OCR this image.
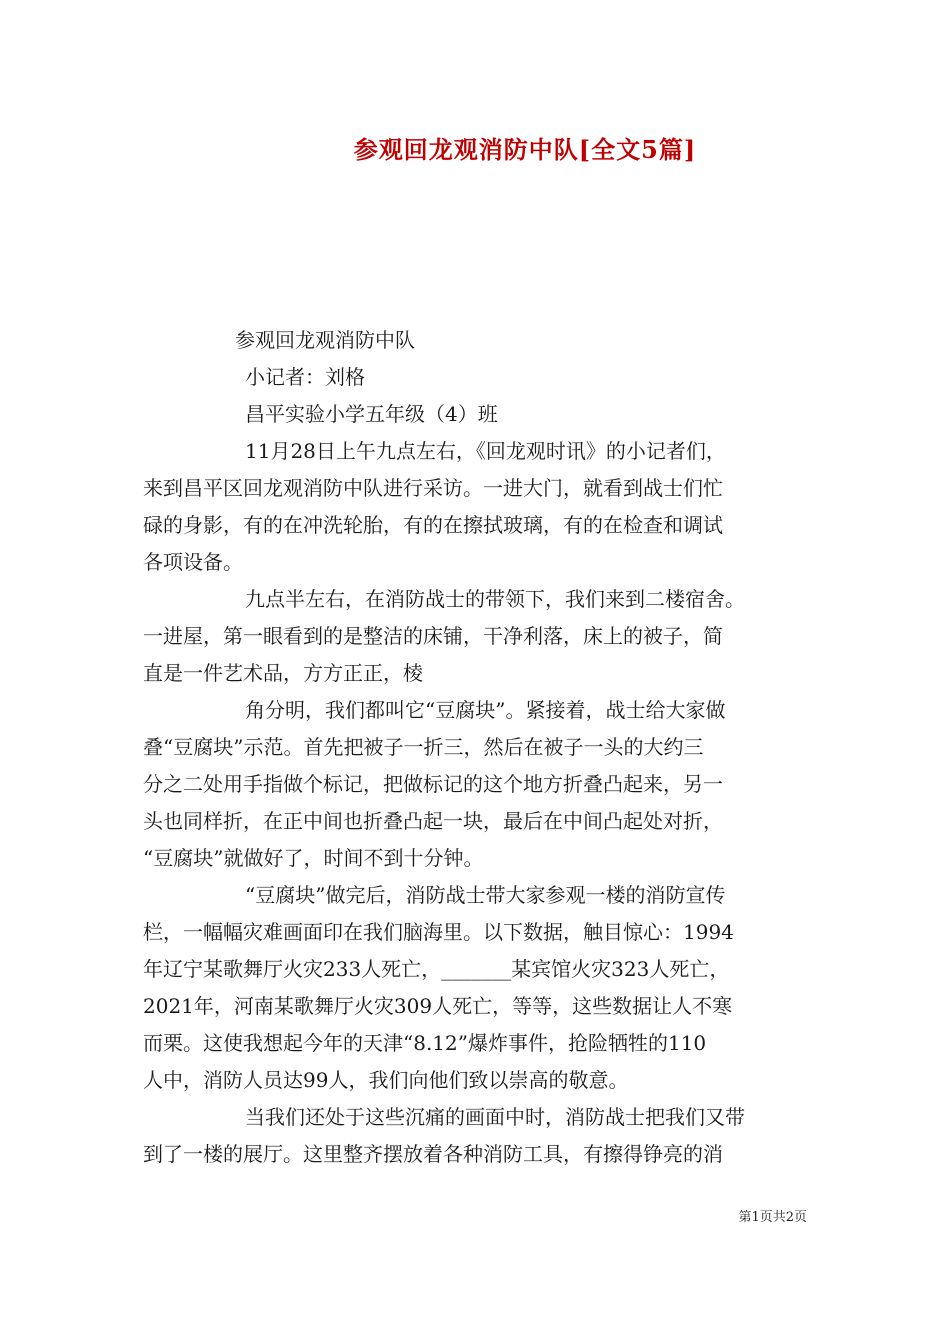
参观回龙观消防中队[全文5篇]

参观回龙观消防中队

小记者：刘格

昌平实验小学五年级（4）班

11月28日上午九点左右，《回龙观时讯》的小记者们，

来到昌平区回龙观消防中队进行采访。一进大门，就看到战士们忙

碌的身影，有的在冲洗轮胎，有的在擦拭玻璃，有的在检查和调试

各项设备。

九点半左右，在消防战士的带领下，我们来到二楼宿舍。

一进屋，第一眼看到的是整洁的床铺，干净利落，床上的被子，简

直是一件艺术品，方方正正，棱

角分明，我们都叫它“豆腐块”。紧接着，战士给大家做

叠“豆腐块”示范。首先把被子一折三，然后在被子一头的大约三

分之二处用手指做个标记，把做标记的这个地方折叠凸起来，另一

头也同样折，在正中间也折叠凸起一块，最后在中间凸起处对折，

“豆腐块”就做好了，时间不到十分钟。

“豆腐块”做完后，消防战士带大家参观一楼的消防宣传

栏，一幅幅灾难画面印在我们脑海里。以下数据，触目惊心：1994

年辽宁某歌舞厅火灾233人死亡，_______某宾馆火灾323人死亡，

2021年，河南某歌舞厅火灾309人死亡，等等，这些数据让人不寒

而栗。这使我想起今年的天津“8.12”爆炸事件，抢险牺牲的110

人中，消防人员达99人，我们向他们致以崇高的敬意。

当我们还处于这些沉痛的画面中时，消防战士把我们又带

到了一楼的展厅。这里整齐摆放着各种消防工具，有擦得铮亮的消

第1页共2页
